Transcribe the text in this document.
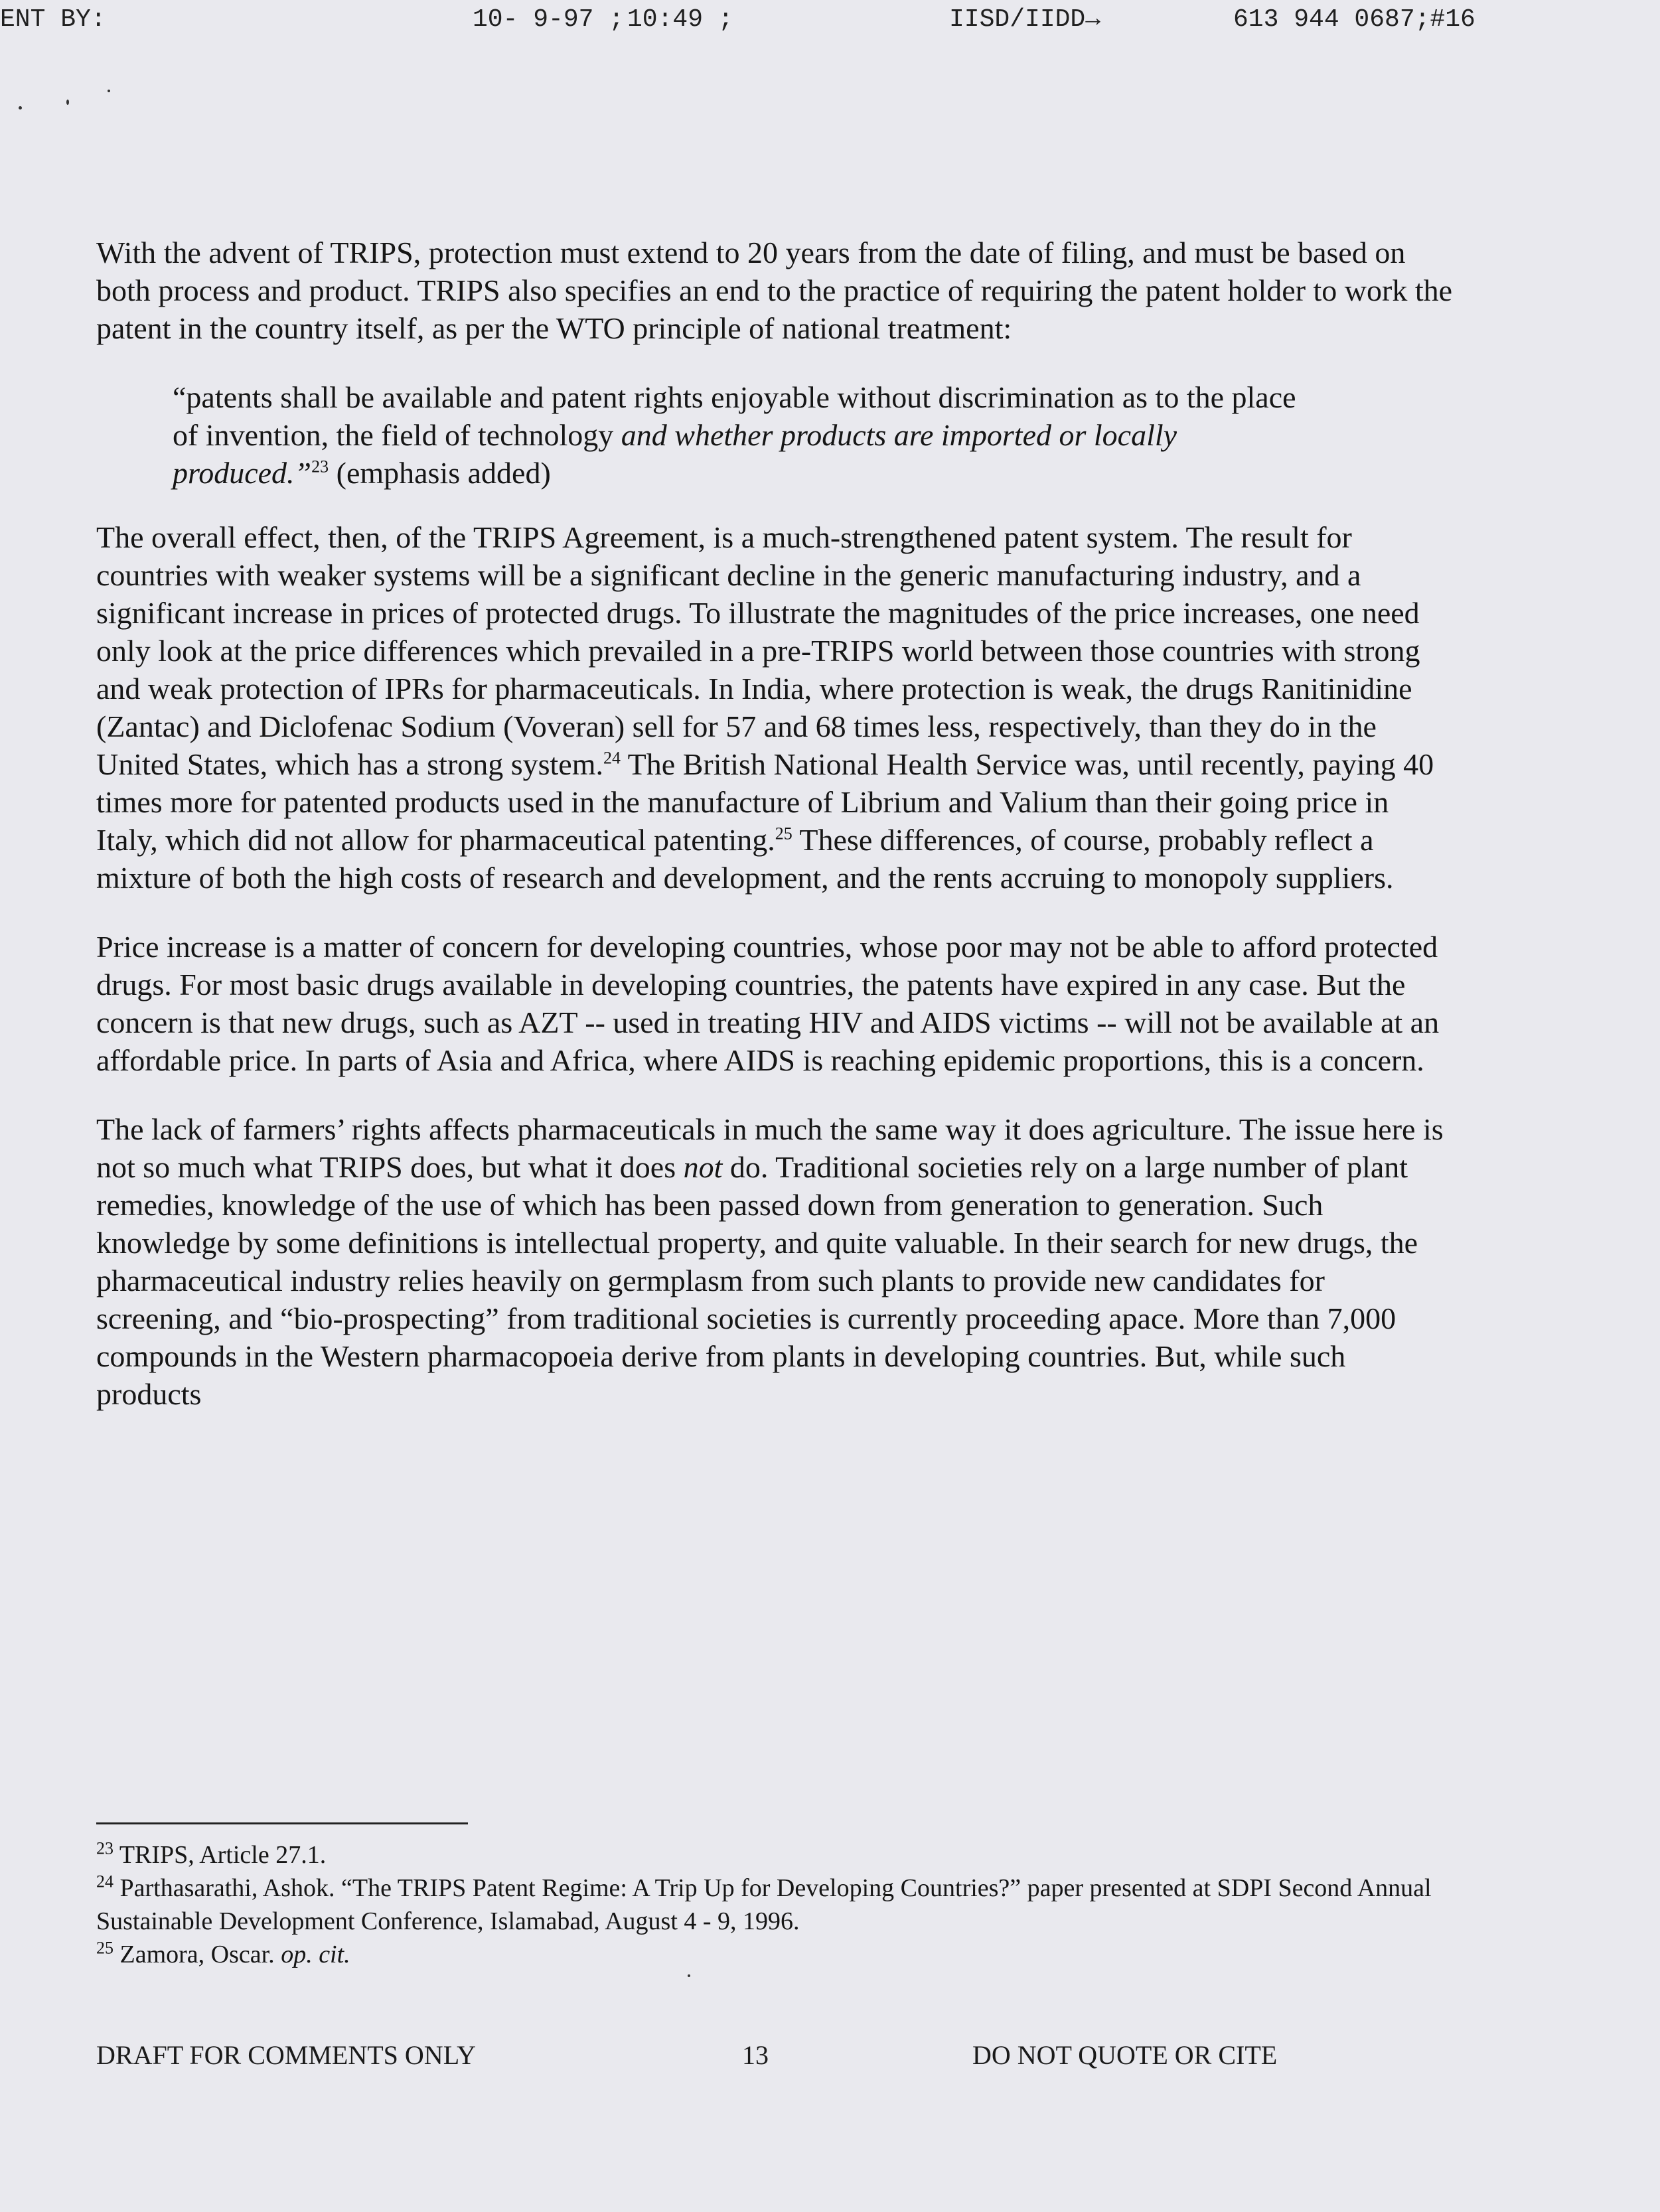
ENT BY:	10- 9-97 ; 10:49 ;	IISD/IIDD→	613 944 0687;#16

With the advent of TRIPS, protection must extend to 20 years from the date of filing, and must be based on both process and product. TRIPS also specifies an end to the practice of requiring the patent holder to work the patent in the country itself, as per the WTO principle of national treatment:

“patents shall be available and patent rights enjoyable without discrimination as to the place of invention, the field of technology and whether products are imported or locally produced.”$^{23}$ (emphasis added)

The overall effect, then, of the TRIPS Agreement, is a much-strengthened patent system. The result for countries with weaker systems will be a significant decline in the generic manufacturing industry, and a significant increase in prices of protected drugs. To illustrate the magnitudes of the price increases, one need only look at the price differences which prevailed in a pre-TRIPS world between those countries with strong and weak protection of IPRs for pharmaceuticals. In India, where protection is weak, the drugs Ranitinidine (Zantac) and Diclofenac Sodium (Voveran) sell for 57 and 68 times less, respectively, than they do in the United States, which has a strong system.$^{24}$ The British National Health Service was, until recently, paying 40 times more for patented products used in the manufacture of Librium and Valium than their going price in Italy, which did not allow for pharmaceutical patenting.$^{25}$ These differences, of course, probably reflect a mixture of both the high costs of research and development, and the rents accruing to monopoly suppliers.

Price increase is a matter of concern for developing countries, whose poor may not be able to afford protected drugs. For most basic drugs available in developing countries, the patents have expired in any case. But the concern is that new drugs, such as AZT -- used in treating HIV and AIDS victims -- will not be available at an affordable price. In parts of Asia and Africa, where AIDS is reaching epidemic proportions, this is a concern.

The lack of farmers’ rights affects pharmaceuticals in much the same way it does agriculture. The issue here is not so much what TRIPS does, but what it does not do. Traditional societies rely on a large number of plant remedies, knowledge of the use of which has been passed down from generation to generation. Such knowledge by some definitions is intellectual property, and quite valuable. In their search for new drugs, the pharmaceutical industry relies heavily on germplasm from such plants to provide new candidates for screening, and “bio-prospecting” from traditional societies is currently proceeding apace. More than 7,000 compounds in the Western pharmacopoeia derive from plants in developing countries. But, while such products

$^{23}$ TRIPS, Article 27.1.

$^{24}$ Parthasarathi, Ashok. “The TRIPS Patent Regime: A Trip Up for Developing Countries?” paper presented at SDPI Second Annual Sustainable Development Conference, Islamabad, August 4 - 9, 1996.

$^{25}$ Zamora, Oscar. op. cit.

DRAFT FOR COMMENTS ONLY	13	DO NOT QUOTE OR CITE
